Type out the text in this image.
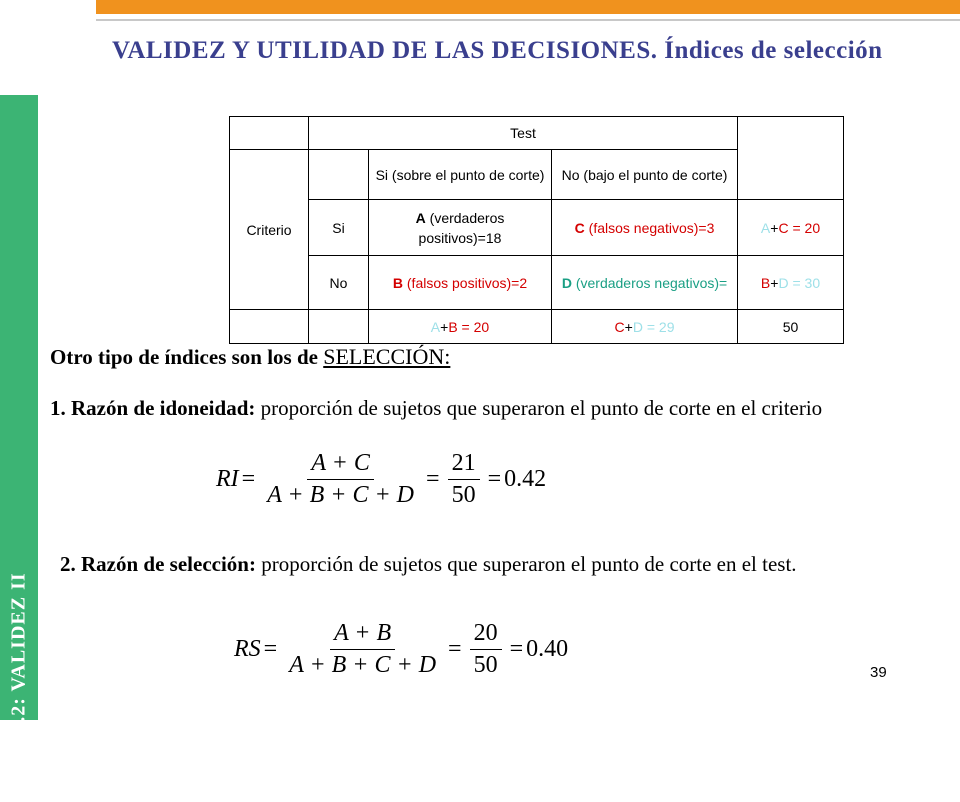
TEMA 6.2: VALIDEZ II
VALIDEZ Y UTILIDAD DE LAS DECISIONES. Índices de selección
	Test			
Criterio		Si (sobre el punto de corte)	No (bajo el punto de corte)	
	Si	A (verdaderos positivos)=18	C (falsos negativos)=3	A+C = 20
	No	B (falsos positivos)=2	D (verdaderos negativos)=	B+D = 30
		A+B = 20	C+D = 29	50
Otro tipo de índices son los de SELECCIÓN:
1. Razón de idoneidad: proporción de sujetos que superaron el punto de corte en el criterio
RI = $\frac{A + C}{A + B + C + D} = \frac{21}{50} = 0.42$
2. Razón de selección: proporción de sujetos que superaron el punto de corte en el test.
RS = $\frac{A + B}{A + B + C + D} = \frac{20}{50} = 0.40$
39
